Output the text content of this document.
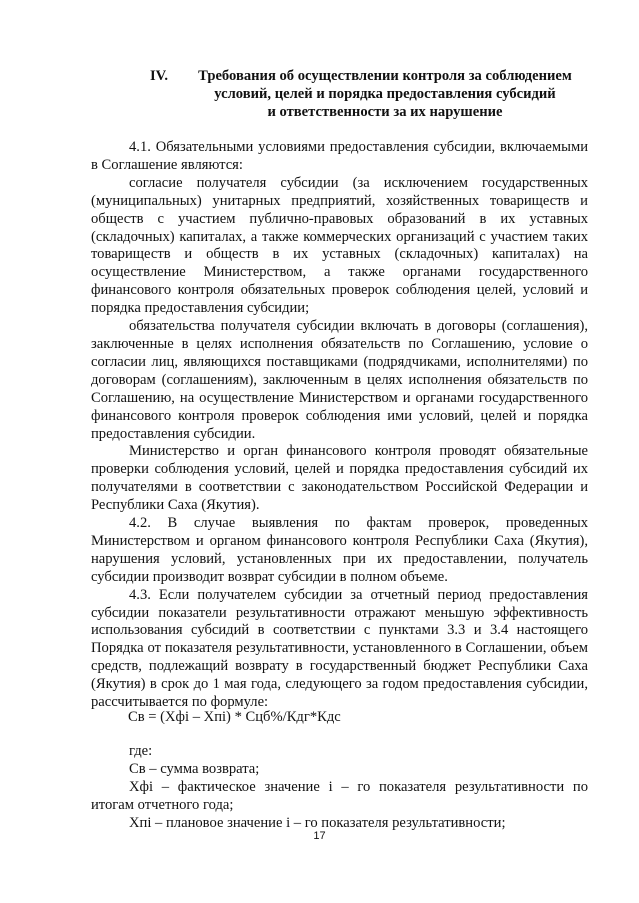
IV.	Требования об осуществлении контроля за соблюдением
условий, целей и порядка предоставления субсидий
и ответственности за их нарушение

4.1. Обязательными условиями предоставления субсидии, включаемыми в Соглашение являются:

согласие получателя субсидии (за исключением государственных (муниципальных) унитарных предприятий, хозяйственных товариществ и обществ с участием публично-правовых образований в их уставных (складочных) капиталах, а также коммерческих организаций с участием таких товариществ и обществ в их уставных (складочных) капиталах) на осуществление Министерством, а также органами государственного финансового контроля обязательных проверок соблюдения целей, условий и порядка предоставления субсидии;

обязательства получателя субсидии включать в договоры (соглашения), заключенные в целях исполнения обязательств по Соглашению, условие о согласии лиц, являющихся поставщиками (подрядчиками, исполнителями) по договорам (соглашениям), заключенным в целях исполнения обязательств по Соглашению, на осуществление Министерством и органами государственного финансового контроля проверок соблюдения ими условий, целей и порядка предоставления субсидии.

Министерство и орган финансового контроля проводят обязательные проверки соблюдения условий, целей и порядка предоставления субсидий их получателями в соответствии с законодательством Российской Федерации и Республики Саха (Якутия).

4.2. В случае выявления по фактам проверок, проведенных Министерством и органом финансового контроля Республики Саха (Якутия), нарушения условий, установленных при их предоставлении, получатель субсидии производит возврат субсидии в полном объеме.

4.3. Если получателем субсидии за отчетный период предоставления субсидии показатели результативности отражают меньшую эффективность использования субсидий в соответствии с пунктами 3.3 и 3.4 настоящего Порядка от показателя результативности, установленного в Соглашении, объем средств, подлежащий возврату в государственный бюджет Республики Саха (Якутия) в срок до 1 мая года, следующего за годом предоставления субсидии, рассчитывается по формуле:

Св = (Хфi – Хпi) * Сцб%/Кдг*Кдс

где:

Св – сумма возврата;

Хфi – фактическое значение i – го показателя результативности по итогам отчетного года;

Хпi – плановое значение i – го показателя результативности;

17
